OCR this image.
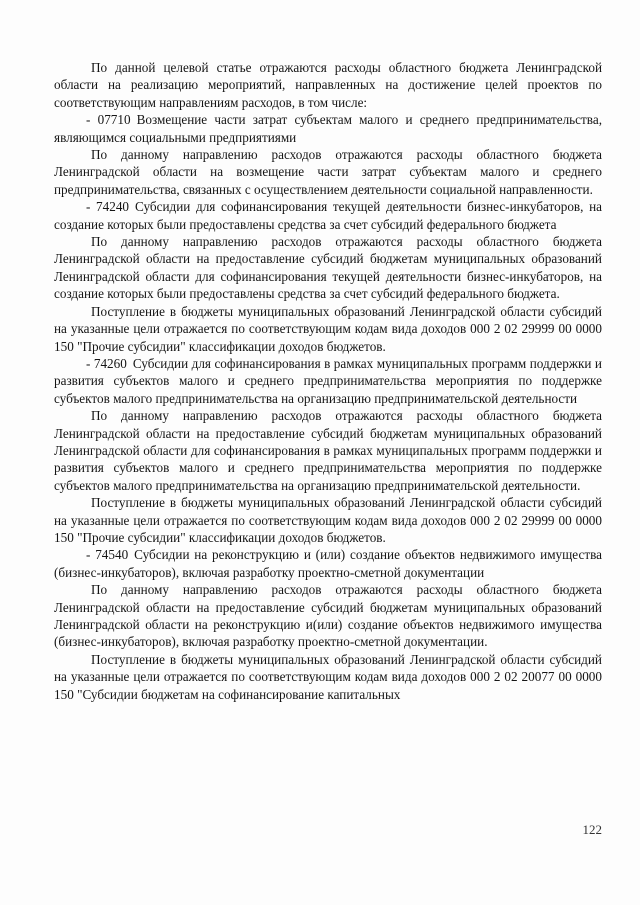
По данной целевой статье отражаются расходы областного бюджета Ленинградской области на реализацию мероприятий, направленных на достижение целей проектов по соответствующим направлениям расходов, в том числе:

- 07710 Возмещение части затрат субъектам малого и среднего предпринимательства, являющимся социальными предприятиями

По данному направлению расходов отражаются расходы областного бюджета Ленинградской области на возмещение части затрат субъектам малого и среднего предпринимательства, связанных с осуществлением деятельности социальной направленности.

- 74240 Субсидии для софинансирования текущей деятельности бизнес-инкубаторов, на создание которых были предоставлены средства за счет субсидий федерального бюджета

По данному направлению расходов отражаются расходы областного бюджета Ленинградской области на предоставление субсидий бюджетам муниципальных образований Ленинградской области для софинансирования текущей деятельности бизнес-инкубаторов, на создание которых были предоставлены средства за счет субсидий федерального бюджета.

Поступление в бюджеты муниципальных образований Ленинградской области субсидий на указанные цели отражается по соответствующим кодам вида доходов 000 2 02 29999 00 0000 150 "Прочие субсидии" классификации доходов бюджетов.

- 74260 Субсидии для софинансирования в рамках муниципальных программ поддержки и развития субъектов малого и среднего предпринимательства мероприятия по поддержке субъектов малого предпринимательства на организацию предпринимательской деятельности

По данному направлению расходов отражаются расходы областного бюджета Ленинградской области на предоставление субсидий бюджетам муниципальных образований Ленинградской области для софинансирования в рамках муниципальных программ поддержки и развития субъектов малого и среднего предпринимательства мероприятия по поддержке субъектов малого предпринимательства на организацию предпринимательской деятельности.

Поступление в бюджеты муниципальных образований Ленинградской области субсидий на указанные цели отражается по соответствующим кодам вида доходов 000 2 02 29999 00 0000 150 "Прочие субсидии" классификации доходов бюджетов.

- 74540 Субсидии на реконструкцию и (или) создание объектов недвижимого имущества (бизнес-инкубаторов), включая разработку проектно-сметной документации

По данному направлению расходов отражаются расходы областного бюджета Ленинградской области на предоставление субсидий бюджетам муниципальных образований Ленинградской области на реконструкцию и(или) создание объектов недвижимого имущества (бизнес-инкубаторов), включая разработку проектно-сметной документации.

Поступление в бюджеты муниципальных образований Ленинградской области субсидий на указанные цели отражается по соответствующим кодам вида доходов 000 2 02 20077 00 0000 150 "Субсидии бюджетам на софинансирование капитальных

122
